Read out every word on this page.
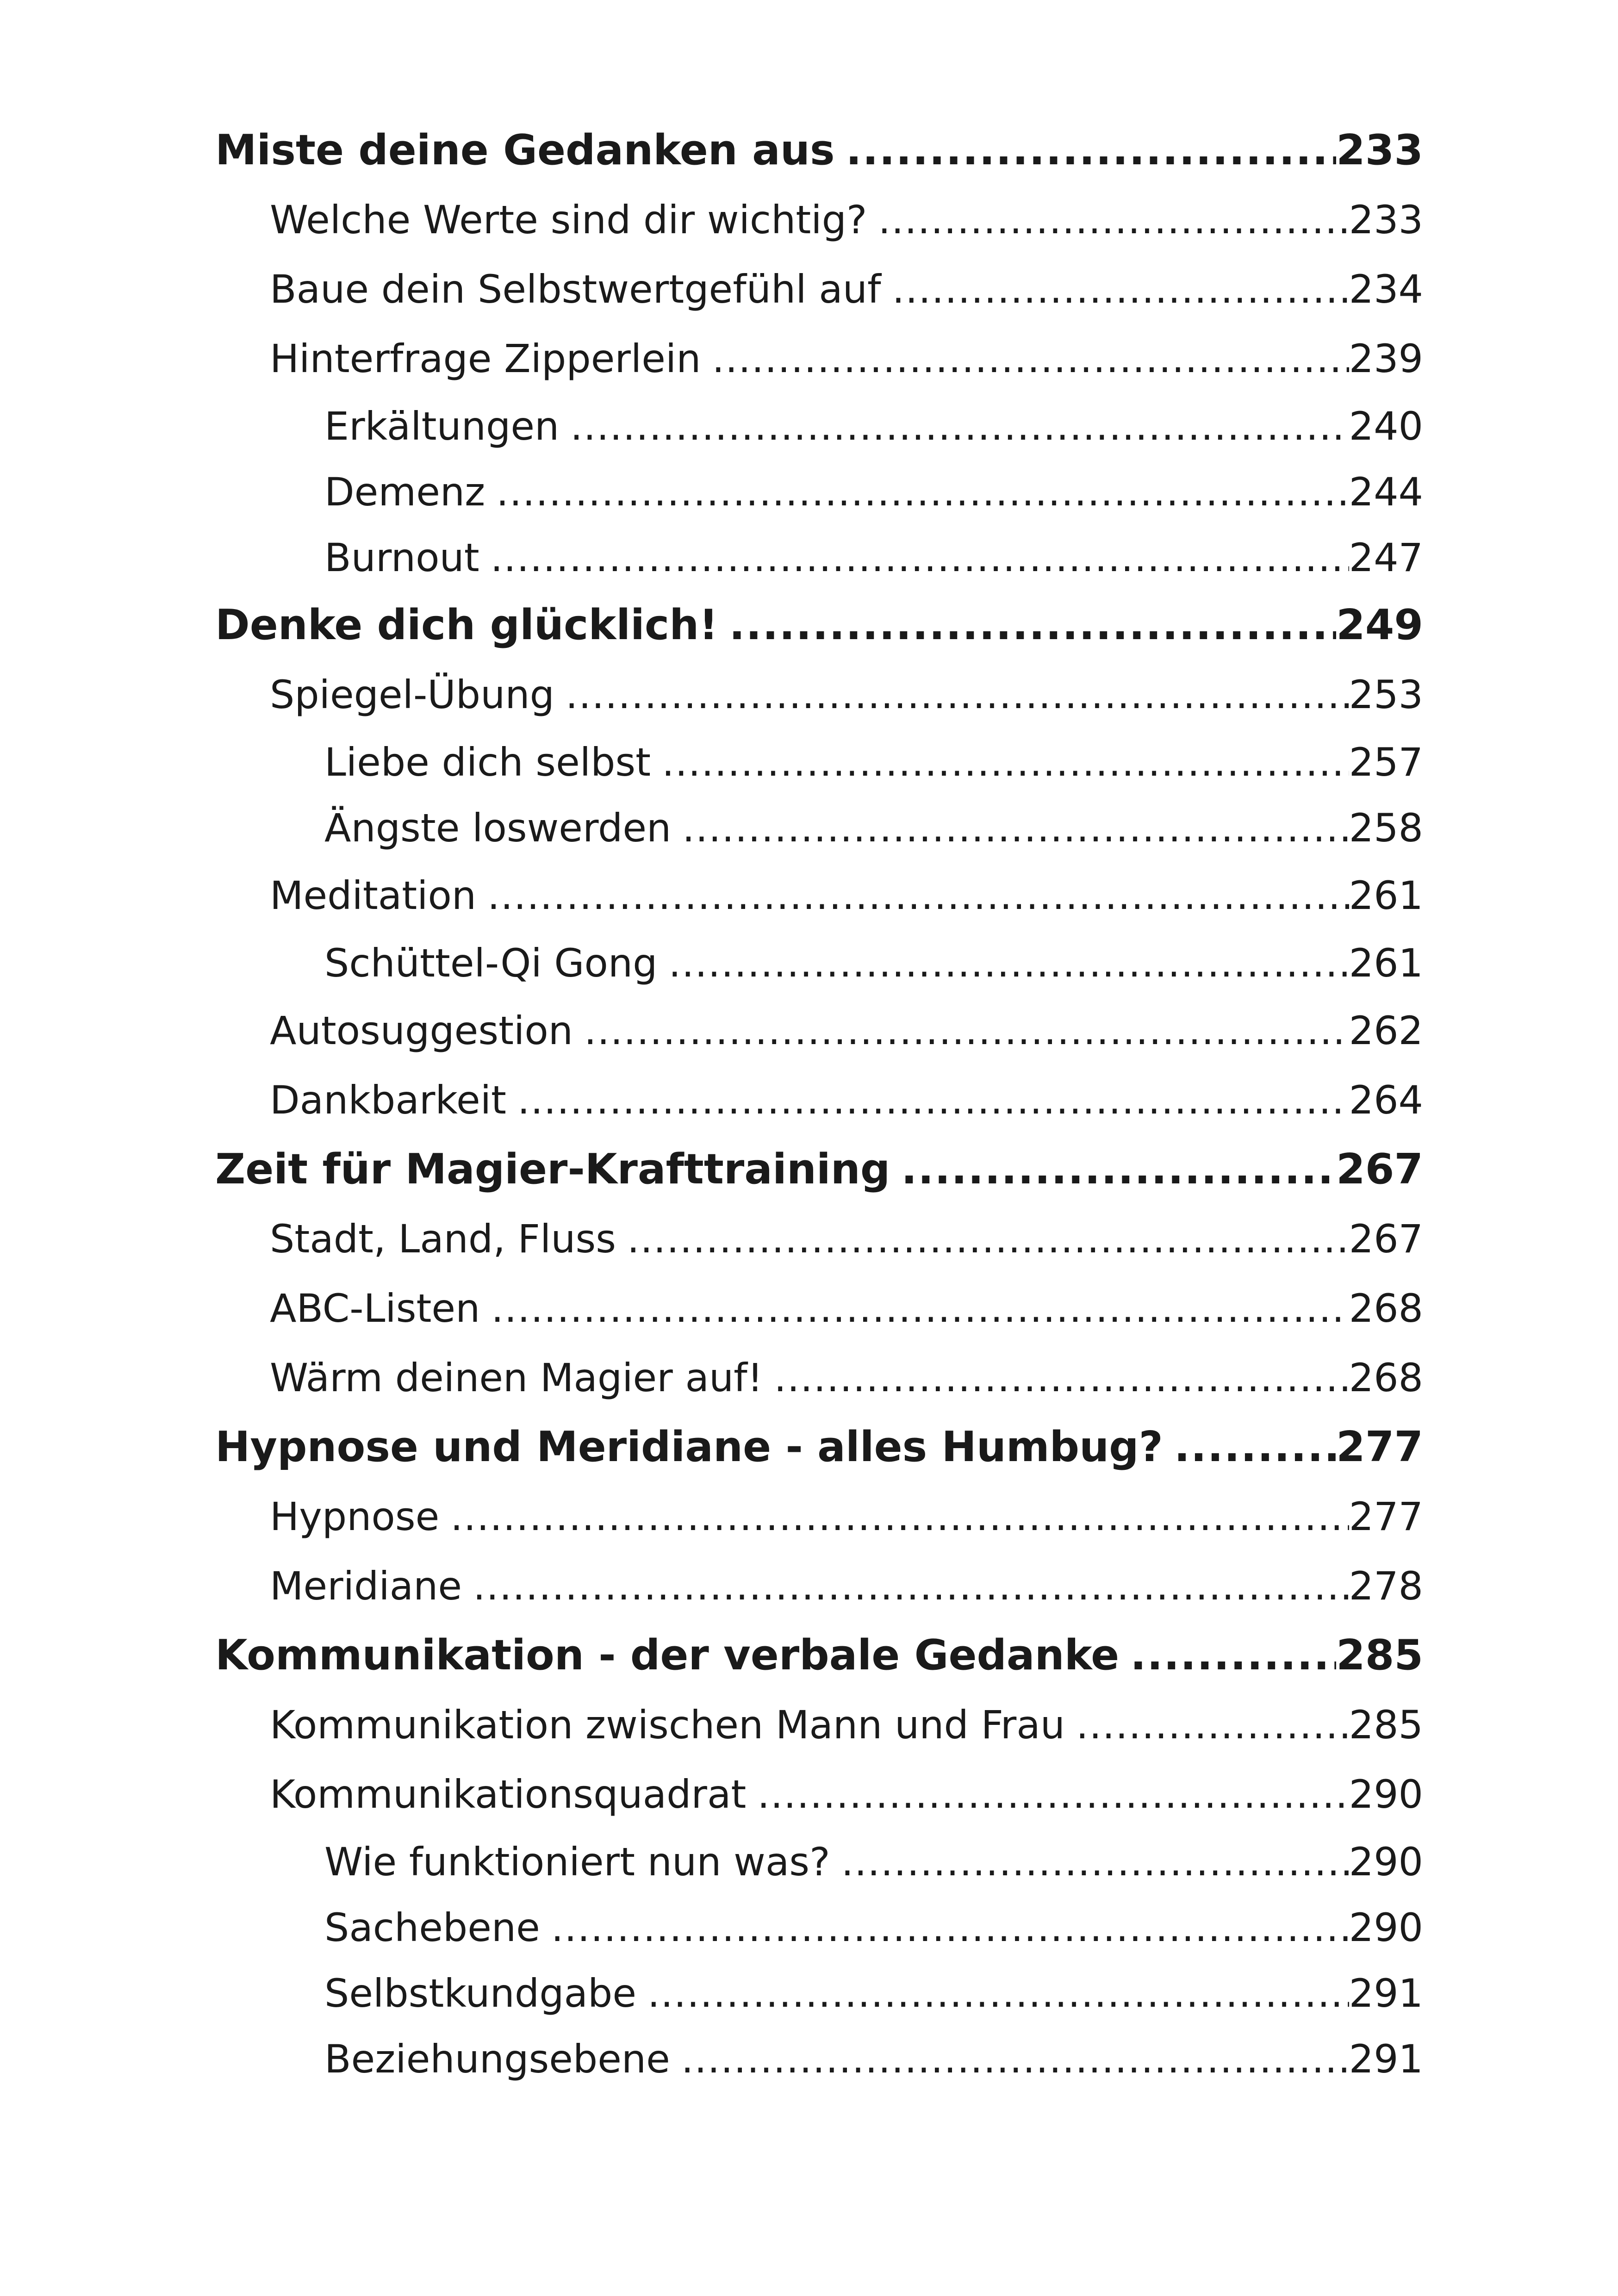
Miste deine Gedanken aus .....	233
Welche Werte sind dir wichtig? .....	233
Baue dein Selbstwertgefühl auf .....	234
Hinterfrage Zipperlein .....	239
Erkältungen .....	240
Demenz .....	244
Burnout .....	247
Denke dich glücklich! .....	249
Spiegel-Übung .....	253
Liebe dich selbst .....	257
Ängste loswerden .....	258
Meditation .....	261
Schüttel-Qi Gong .....	261
Autosuggestion .....	262
Dankbarkeit .....	264
Zeit für Magier-Krafttraining .....	267
Stadt, Land, Fluss .....	267
ABC-Listen .....	268
Wärm deinen Magier auf! .....	268
Hypnose und Meridiane - alles Humbug? .....	277
Hypnose .....	277
Meridiane .....	278
Kommunikation - der verbale Gedanke .....	285
Kommunikation zwischen Mann und Frau .....	285
Kommunikationsquadrat .....	290
Wie funktioniert nun was? .....	290
Sachebene .....	290
Selbstkundgabe .....	291
Beziehungsebene .....	291
